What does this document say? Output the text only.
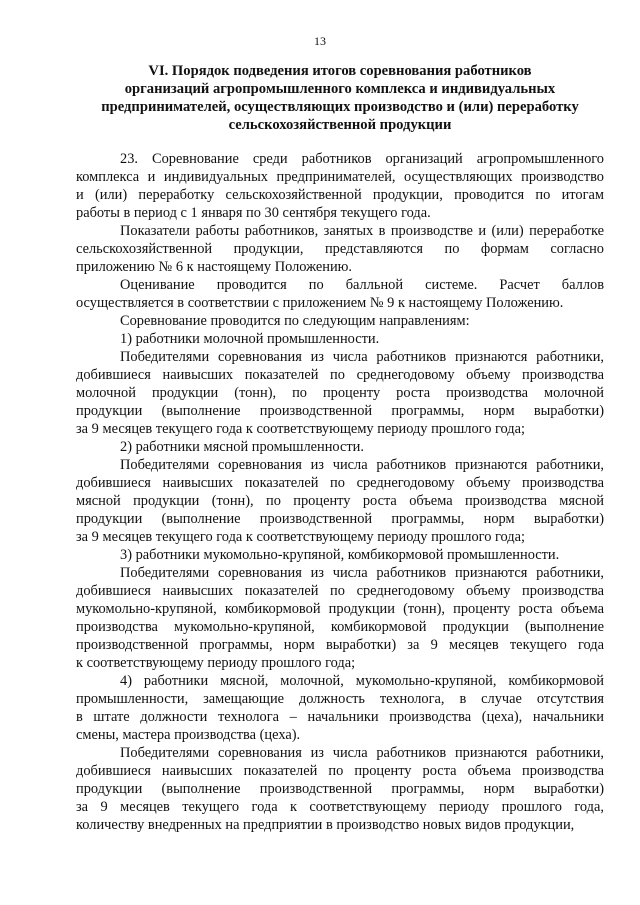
13
VI. Порядок подведения итогов соревнования работников
организаций агропромышленного комплекса и индивидуальных
предпринимателей, осуществляющих производство и (или) переработку
сельскохозяйственной продукции
23. Соревнование среди работников организаций агропромышленного
комплекса и индивидуальных предпринимателей, осуществляющих производство
и (или) переработку сельскохозяйственной продукции, проводится по итогам
работы в период с 1 января по 30 сентября текущего года.
Показатели работы работников, занятых в производстве и (или) переработке
сельскохозяйственной продукции, представляются по формам согласно
приложению № 6 к настоящему Положению.
Оценивание проводится по балльной системе. Расчет баллов
осуществляется в соответствии с приложением № 9 к настоящему Положению.
Соревнование проводится по следующим направлениям:
1) работники молочной промышленности.
Победителями соревнования из числа работников признаются работники,
добившиеся наивысших показателей по среднегодовому объему производства
молочной продукции (тонн), по проценту роста производства молочной
продукции (выполнение производственной программы, норм выработки)
за 9 месяцев текущего года к соответствующему периоду прошлого года;
2) работники мясной промышленности.
Победителями соревнования из числа работников признаются работники,
добившиеся наивысших показателей по среднегодовому объему производства
мясной продукции (тонн), по проценту роста объема производства мясной
продукции (выполнение производственной программы, норм выработки)
за 9 месяцев текущего года к соответствующему периоду прошлого года;
3) работники мукомольно-крупяной, комбикормовой промышленности.
Победителями соревнования из числа работников признаются работники,
добившиеся наивысших показателей по среднегодовому объему производства
мукомольно-крупяной, комбикормовой продукции (тонн), проценту роста объема
производства мукомольно-крупяной, комбикормовой продукции (выполнение
производственной программы, норм выработки) за 9 месяцев текущего года
к соответствующему периоду прошлого года;
4) работники мясной, молочной, мукомольно-крупяной, комбикормовой
промышленности, замещающие должность технолога, в случае отсутствия
в штате должности технолога – начальники производства (цеха), начальники
смены, мастера производства (цеха).
Победителями соревнования из числа работников признаются работники,
добившиеся наивысших показателей по проценту роста объема производства
продукции (выполнение производственной программы, норм выработки)
за 9 месяцев текущего года к соответствующему периоду прошлого года,
количеству внедренных на предприятии в производство новых видов продукции,
